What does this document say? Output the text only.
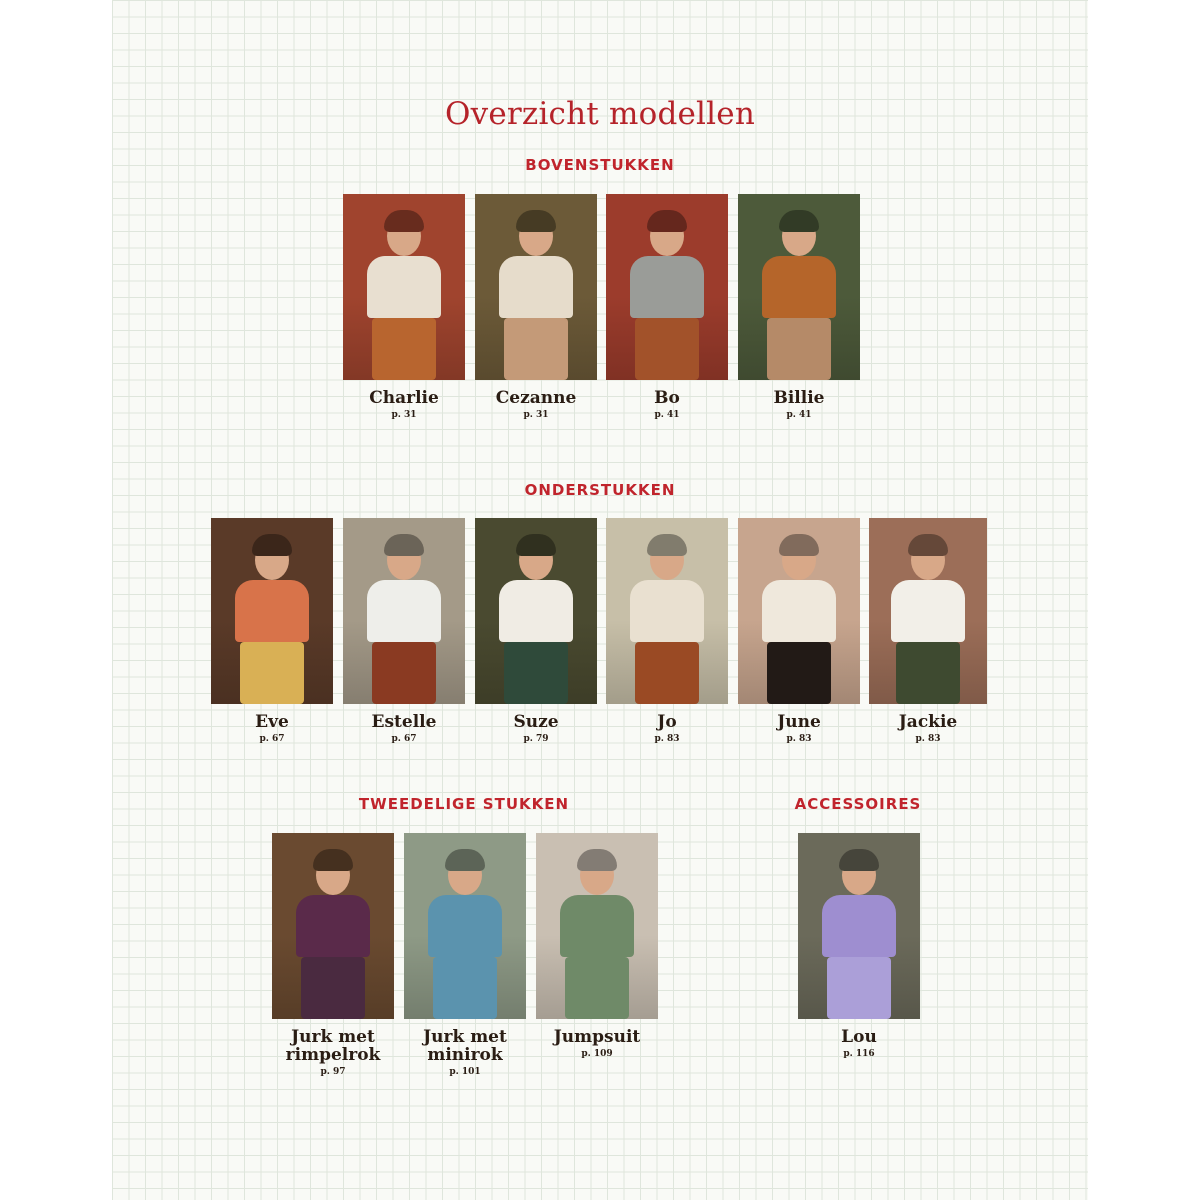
Overzicht modellen
BOVENSTUKKEN
ONDERSTUKKEN
TWEEDELIGE STUKKEN	ACCESSOIRES
Charlie
p. 31
Cezanne
p. 31
Bo
p. 41
Billie
p. 41
Eve
p. 67
Estelle
p. 67
Suze
p. 79
Jo
p. 83
June
p. 83
Jackie
p. 83
Jurk met rimpelrok
p. 97
Jurk met minirok
p. 101
Jumpsuit
p. 109
Lou
p. 116
